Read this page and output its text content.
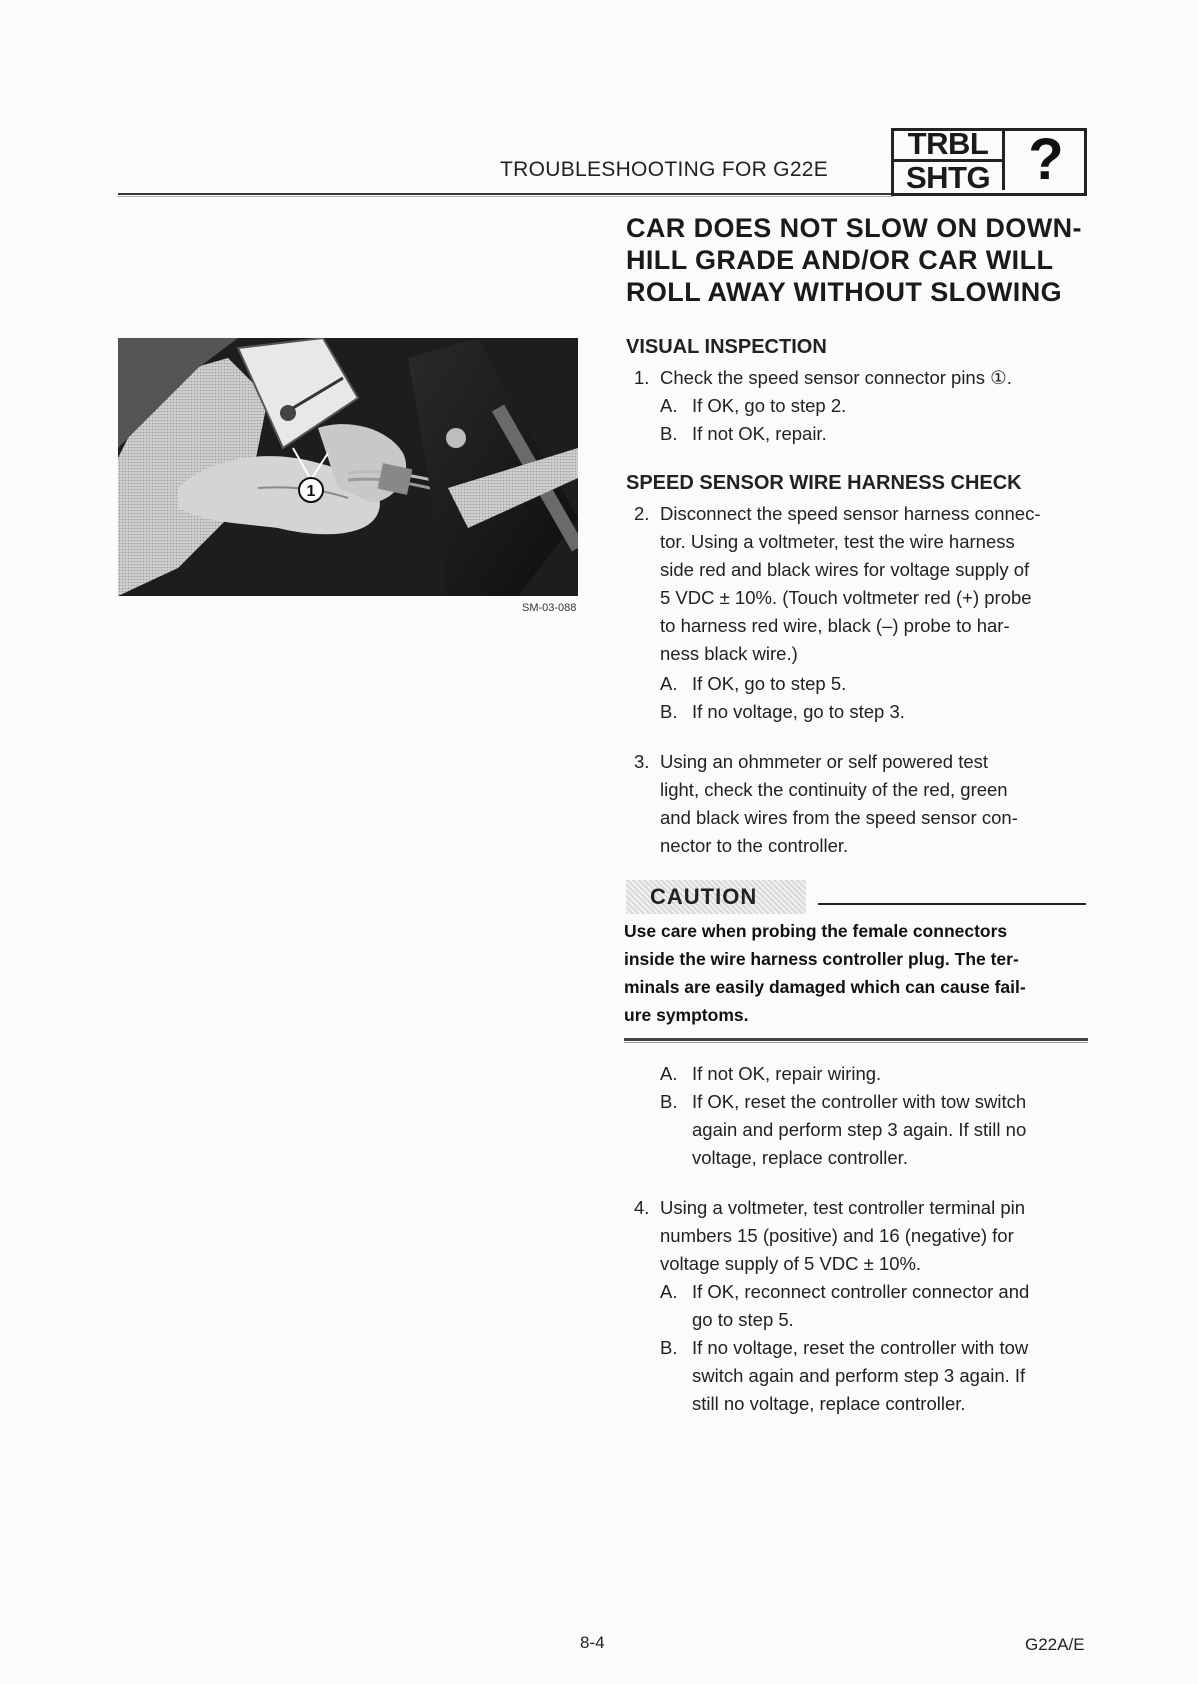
TROUBLESHOOTING FOR G22E
TRBL
SHTG ?
CAR DOES NOT SLOW ON DOWN-
HILL GRADE AND/OR CAR WILL
ROLL AWAY WITHOUT SLOWING
1
SM-03-088
VISUAL INSPECTION
1. Check the speed sensor connector pins ①.
A. If OK, go to step 2.
B. If not OK, repair.
SPEED SENSOR WIRE HARNESS CHECK
2. Disconnect the speed sensor harness connec-
tor. Using a voltmeter, test the wire harness
side red and black wires for voltage supply of
5 VDC ± 10%. (Touch voltmeter red (+) probe
to harness red wire, black (–) probe to har-
ness black wire.)
A. If OK, go to step 5.
B. If no voltage, go to step 3.
3. Using an ohmmeter or self powered test
light, check the continuity of the red, green
and black wires from the speed sensor con-
nector to the controller.
CAUTION
Use care when probing the female connectors
inside the wire harness controller plug. The ter-
minals are easily damaged which can cause fail-
ure symptoms.
A. If not OK, repair wiring.
B. If OK, reset the controller with tow switch
again and perform step 3 again. If still no
voltage, replace controller.
4. Using a voltmeter, test controller terminal pin
numbers 15 (positive) and 16 (negative) for
voltage supply of 5 VDC ± 10%.
A. If OK, reconnect controller connector and
go to step 5.
B. If no voltage, reset the controller with tow
switch again and perform step 3 again. If
still no voltage, replace controller.
8-4	G22A/E
